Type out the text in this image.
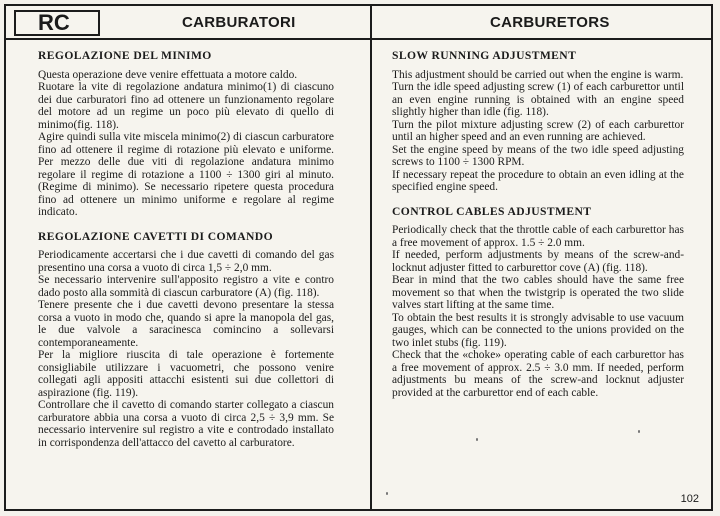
RC	CARBURATORI	CARBURETORS
REGOLAZIONE DEL MINIMO

Questa operazione deve venire effettuata a motore caldo.

Ruotare la vite di regolazione andatura minimo(1) di ciascuno dei due carburatori fino ad ottenere un funzionamento regolare del motore ad un regime un poco più elevato di quello di minimo(fig. 118).

Agire quindi sulla vite miscela minimo(2) di ciascun carburatore fino ad ottenere il regime di rotazione più elevato e uniforme. Per mezzo delle due viti di regolazione andatura minimo regolare il regime di rotazione a 1100 ÷ 1300 giri al minuto. (Regime di minimo). Se necessario ripetere questa procedura fino ad ottenere un minimo uniforme e regolare al regime indicato.

REGOLAZIONE CAVETTI DI COMANDO

Periodicamente accertarsi che i due cavetti di comando del gas presentino una corsa a vuoto di circa 1,5 ÷ 2,0 mm.

Se necessario intervenire sull'apposito registro a vite e contro dado posto alla sommità di ciascun carburatore (A) (fig. 118).

Tenere presente che i due cavetti devono presentare la stessa corsa a vuoto in modo che, quando si apre la manopola del gas, le due valvole a saracinesca comincino a sollevarsi contemporaneamente.

Per la migliore riuscita di tale operazione è fortemente consigliabile utilizzare i vacuometri, che possono venire collegati agli appositi attacchi esistenti sui due collettori di aspirazione (fig. 119).

Controllare che il cavetto di comando starter collegato a ciascun carburatore abbia una corsa a vuoto di circa 2,5 ÷ 3,9 mm. Se necessario intervenire sul registro a vite e controdado installato in corrispondenza dell'attacco del cavetto al carburatore.

SLOW RUNNING ADJUSTMENT

This adjustment should be carried out when the engine is warm.

Turn the idle speed adjusting screw (1) of each carburettor until an even engine running is obtained with an engine speed slightly higher than idle (fig. 118).

Turn the pilot mixture adjusting screw (2) of each carburettor until an higher speed and an even running are achieved.

Set the engine speed by means of the two idle speed adjusting screws to 1100 ÷ 1300 RPM.

If necessary repeat the procedure to obtain an even idling at the specified engine speed.

CONTROL CABLES ADJUSTMENT

Periodically check that the throttle cable of each carburettor has a free movement of approx. 1.5 ÷ 2.0 mm.

If needed, perform adjustments by means of the screw-and-locknut adjuster fitted to carburettor cove (A) (fig. 118).

Bear in mind that the two cables should have the same free movement so that when the twistgrip is operated the two slide valves start lifting at the same time.

To obtain the best results it is strongly advisable to use vacuum gauges, which can be connected to the unions provided on the two inlet stubs (fig. 119).

Check that the «choke» operating cable of each carburettor has a free movement of approx. 2.5 ÷ 3.0 mm. If needed, perform adjustments bu means of the screw-and locknut adjuster provided at the carburettor end of each cable.

102
